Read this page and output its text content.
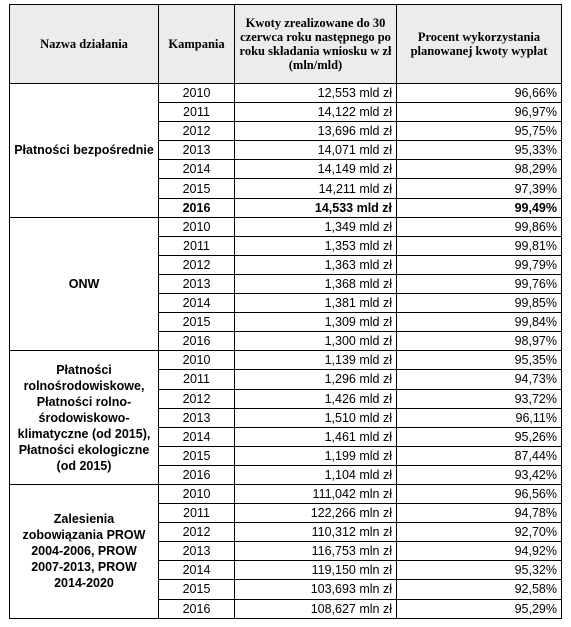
Nazwa działania	Kampania	Kwoty zrealizowane do 30 czerwca roku następnego po roku składania wniosku w zł (mln/mld)	Procent wykorzystania planowanej kwoty wypłat
Płatności bezpośrednie	2010	12,553 mld zł	96,66%
	2011	14,122 mld zł	96,97%
	2012	13,696 mld zł	95,75%
	2013	14,071 mld zł	95,33%
	2014	14,149 mld zł	98,29%
	2015	14,211 mld zł	97,39%
	2016	14,533 mld zł	99,49%
ONW	2010	1,349 mld zł	99,86%
	2011	1,353 mld zł	99,81%
	2012	1,363 mld zł	99,79%
	2013	1,368 mld zł	99,76%
	2014	1,381 mld zł	99,85%
	2015	1,309 mld zł	99,84%
	2016	1,300 mld zł	98,97%
Płatności rolnośrodowiskowe, Płatności rolno-środowiskowo-klimatyczne (od 2015), Płatności ekologiczne (od 2015)	2010	1,139 mld zł	95,35%
	2011	1,296 mld zł	94,73%
	2012	1,426 mld zł	93,72%
	2013	1,510 mld zł	96,11%
	2014	1,461 mld zł	95,26%
	2015	1,199 mld zł	87,44%
	2016	1,104 mld zł	93,42%
Zalesienia zobowiązania PROW 2004-2006, PROW 2007-2013, PROW 2014-2020	2010	111,042 mln zł	96,56%
	2011	122,266 mln zł	94,78%
	2012	110,312 mln zł	92,70%
	2013	116,753 mln zł	94,92%
	2014	119,150 mln zł	95,32%
	2015	103,693 mln zł	92,58%
	2016	108,627 mln zł	95,29%
